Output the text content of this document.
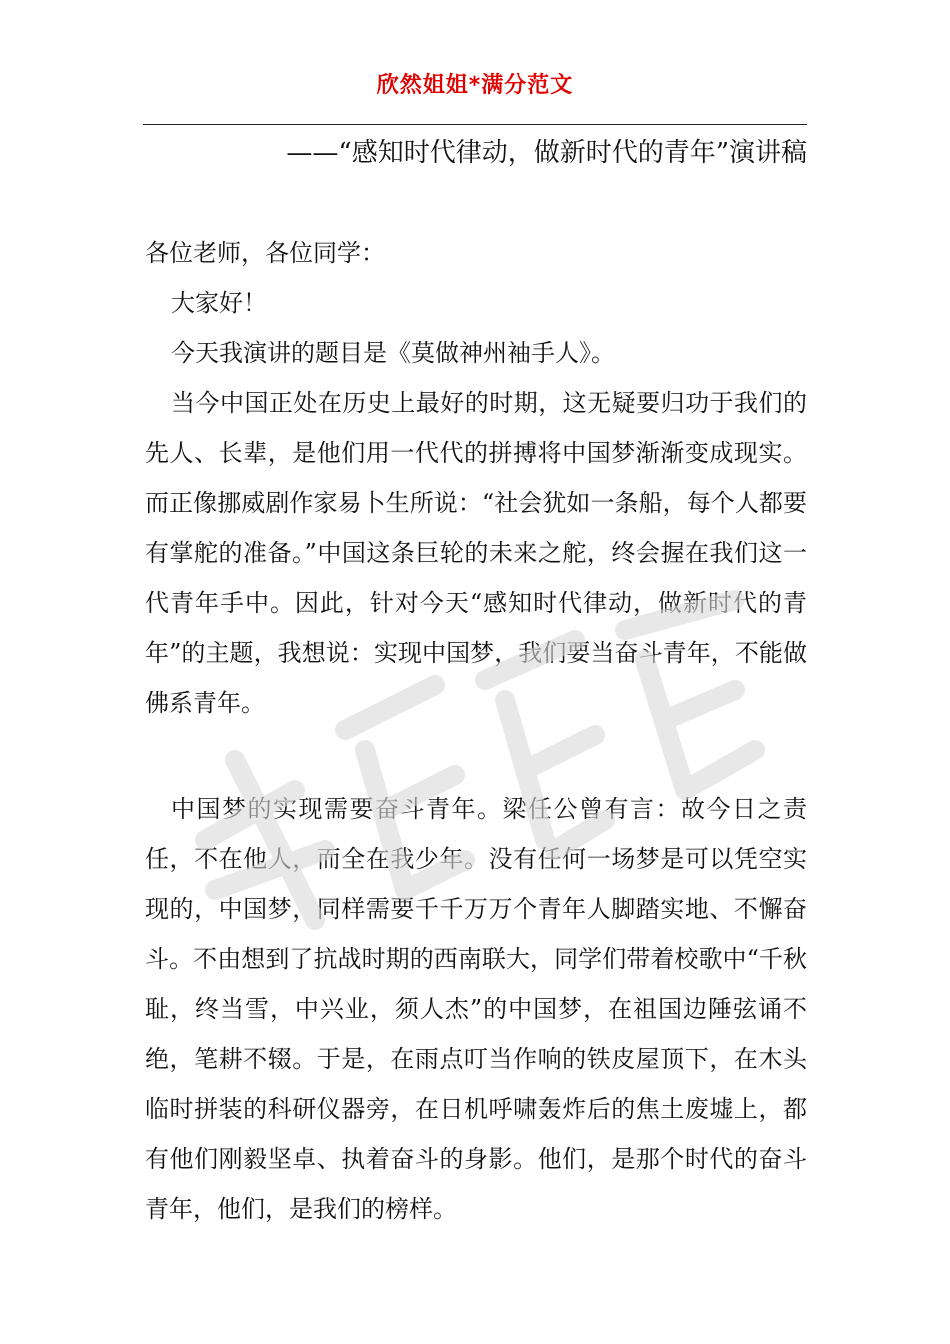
欣然姐姐*满分范文
——“感知时代律动，做新时代的青年”演讲稿

各位老师，各位同学：

大家好！

今天我演讲的题目是《莫做神州袖手人》。

当今中国正处在历史上最好的时期，这无疑要归功于我们的先人、长辈，是他们用一代代的拼搏将中国梦渐渐变成现实。而正像挪威剧作家易卜生所说：“社会犹如一条船，每个人都要有掌舵的准备。”中国这条巨轮的未来之舵，终会握在我们这一代青年手中。因此，针对今天“感知时代律动，做新时代的青年”的主题，我想说：实现中国梦，我们要当奋斗青年，不能做佛系青年。

中国梦的实现需要奋斗青年。梁任公曾有言：故今日之责任，不在他人，而全在我少年。没有任何一场梦是可以凭空实现的，中国梦，同样需要千千万万个青年人脚踏实地、不懈奋斗。不由想到了抗战时期的西南联大，同学们带着校歌中“千秋耻，终当雪，中兴业，须人杰”的中国梦，在祖国边陲弦诵不绝，笔耕不辍。于是，在雨点叮当作响的铁皮屋顶下，在木头临时拼装的科研仪器旁，在日机呼啸轰炸后的焦土废墟上，都有他们刚毅坚卓、执着奋斗的身影。他们，是那个时代的奋斗青年，他们，是我们的榜样。
